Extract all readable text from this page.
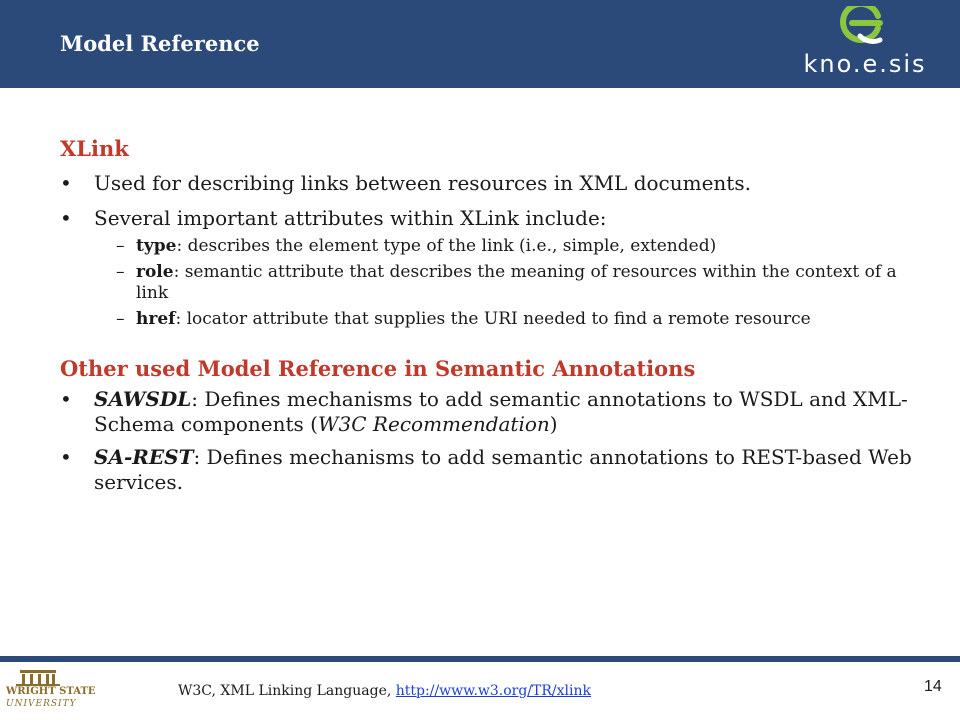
Model Reference
kno.e.sis

XLink

• Used for describing links between resources in XML documents.
• Several important attributes within XLink include:
– type: describes the element type of the link (i.e., simple, extended)
– role: semantic attribute that describes the meaning of resources within the context of a link
– href: locator attribute that supplies the URI needed to find a remote resource

Other used Model Reference in Semantic Annotations

• SAWSDL: Defines mechanisms to add semantic annotations to WSDL and XML-Schema components (W3C Recommendation)
• SA-REST: Defines mechanisms to add semantic annotations to REST-based Web services.
WRIGHT STATE
UNIVERSITY
W3C, XML Linking Language, http://www.w3.org/TR/xlink	14
